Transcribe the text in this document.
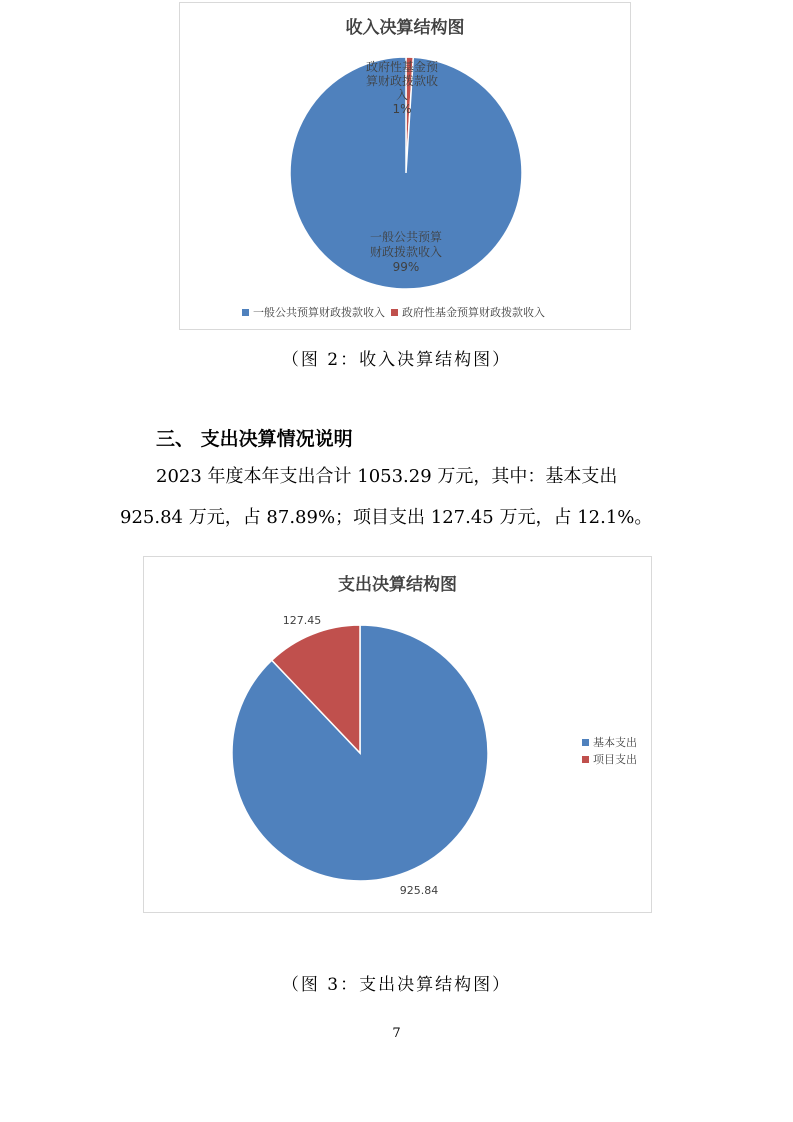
收入决算结构图
政府性基金预
算财政拨款收
入
1%
一般公共预算
财政拨款收入
99%
一般公共预算财政拨款收入 政府性基金预算财政拨款收入
（图 2：收入决算结构图）
三、 支出决算情况说明
2023 年度本年支出合计 1053.29 万元，其中：基本支出
925.84 万元，占 87.89%；项目支出 127.45 万元，占 12.1%。
支出决算结构图
127.45
925.84
基本支出
项目支出
（图 3：支出决算结构图）
7
